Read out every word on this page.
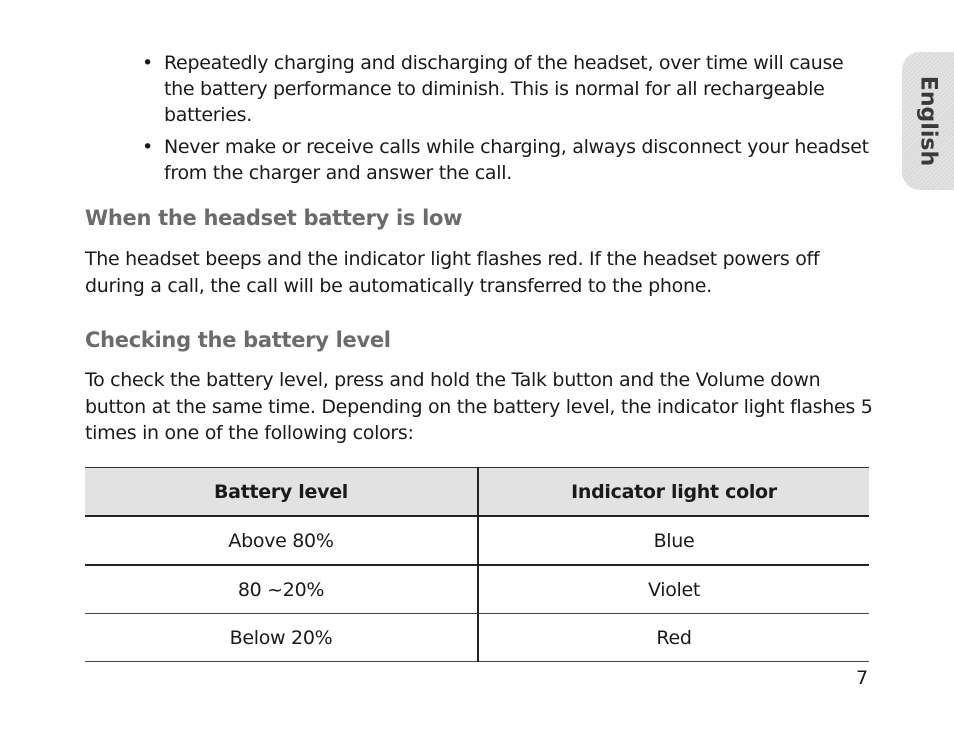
• Repeatedly charging and discharging of the headset, over time will cause the battery performance to diminish. This is normal for all rechargeable batteries.
• Never make or receive calls while charging, always disconnect your headset from the charger and answer the call.
English
When the headset battery is low

The headset beeps and the indicator light flashes red. If the headset powers off during a call, the call will be automatically transferred to the phone.

Checking the battery level

To check the battery level, press and hold the Talk button and the Volume down button at the same time. Depending on the battery level, the indicator light flashes 5 times in one of the following colors:

Battery level	Indicator light color
Above 80%	Blue
80 ~20%	Violet
Below 20%	Red
7
